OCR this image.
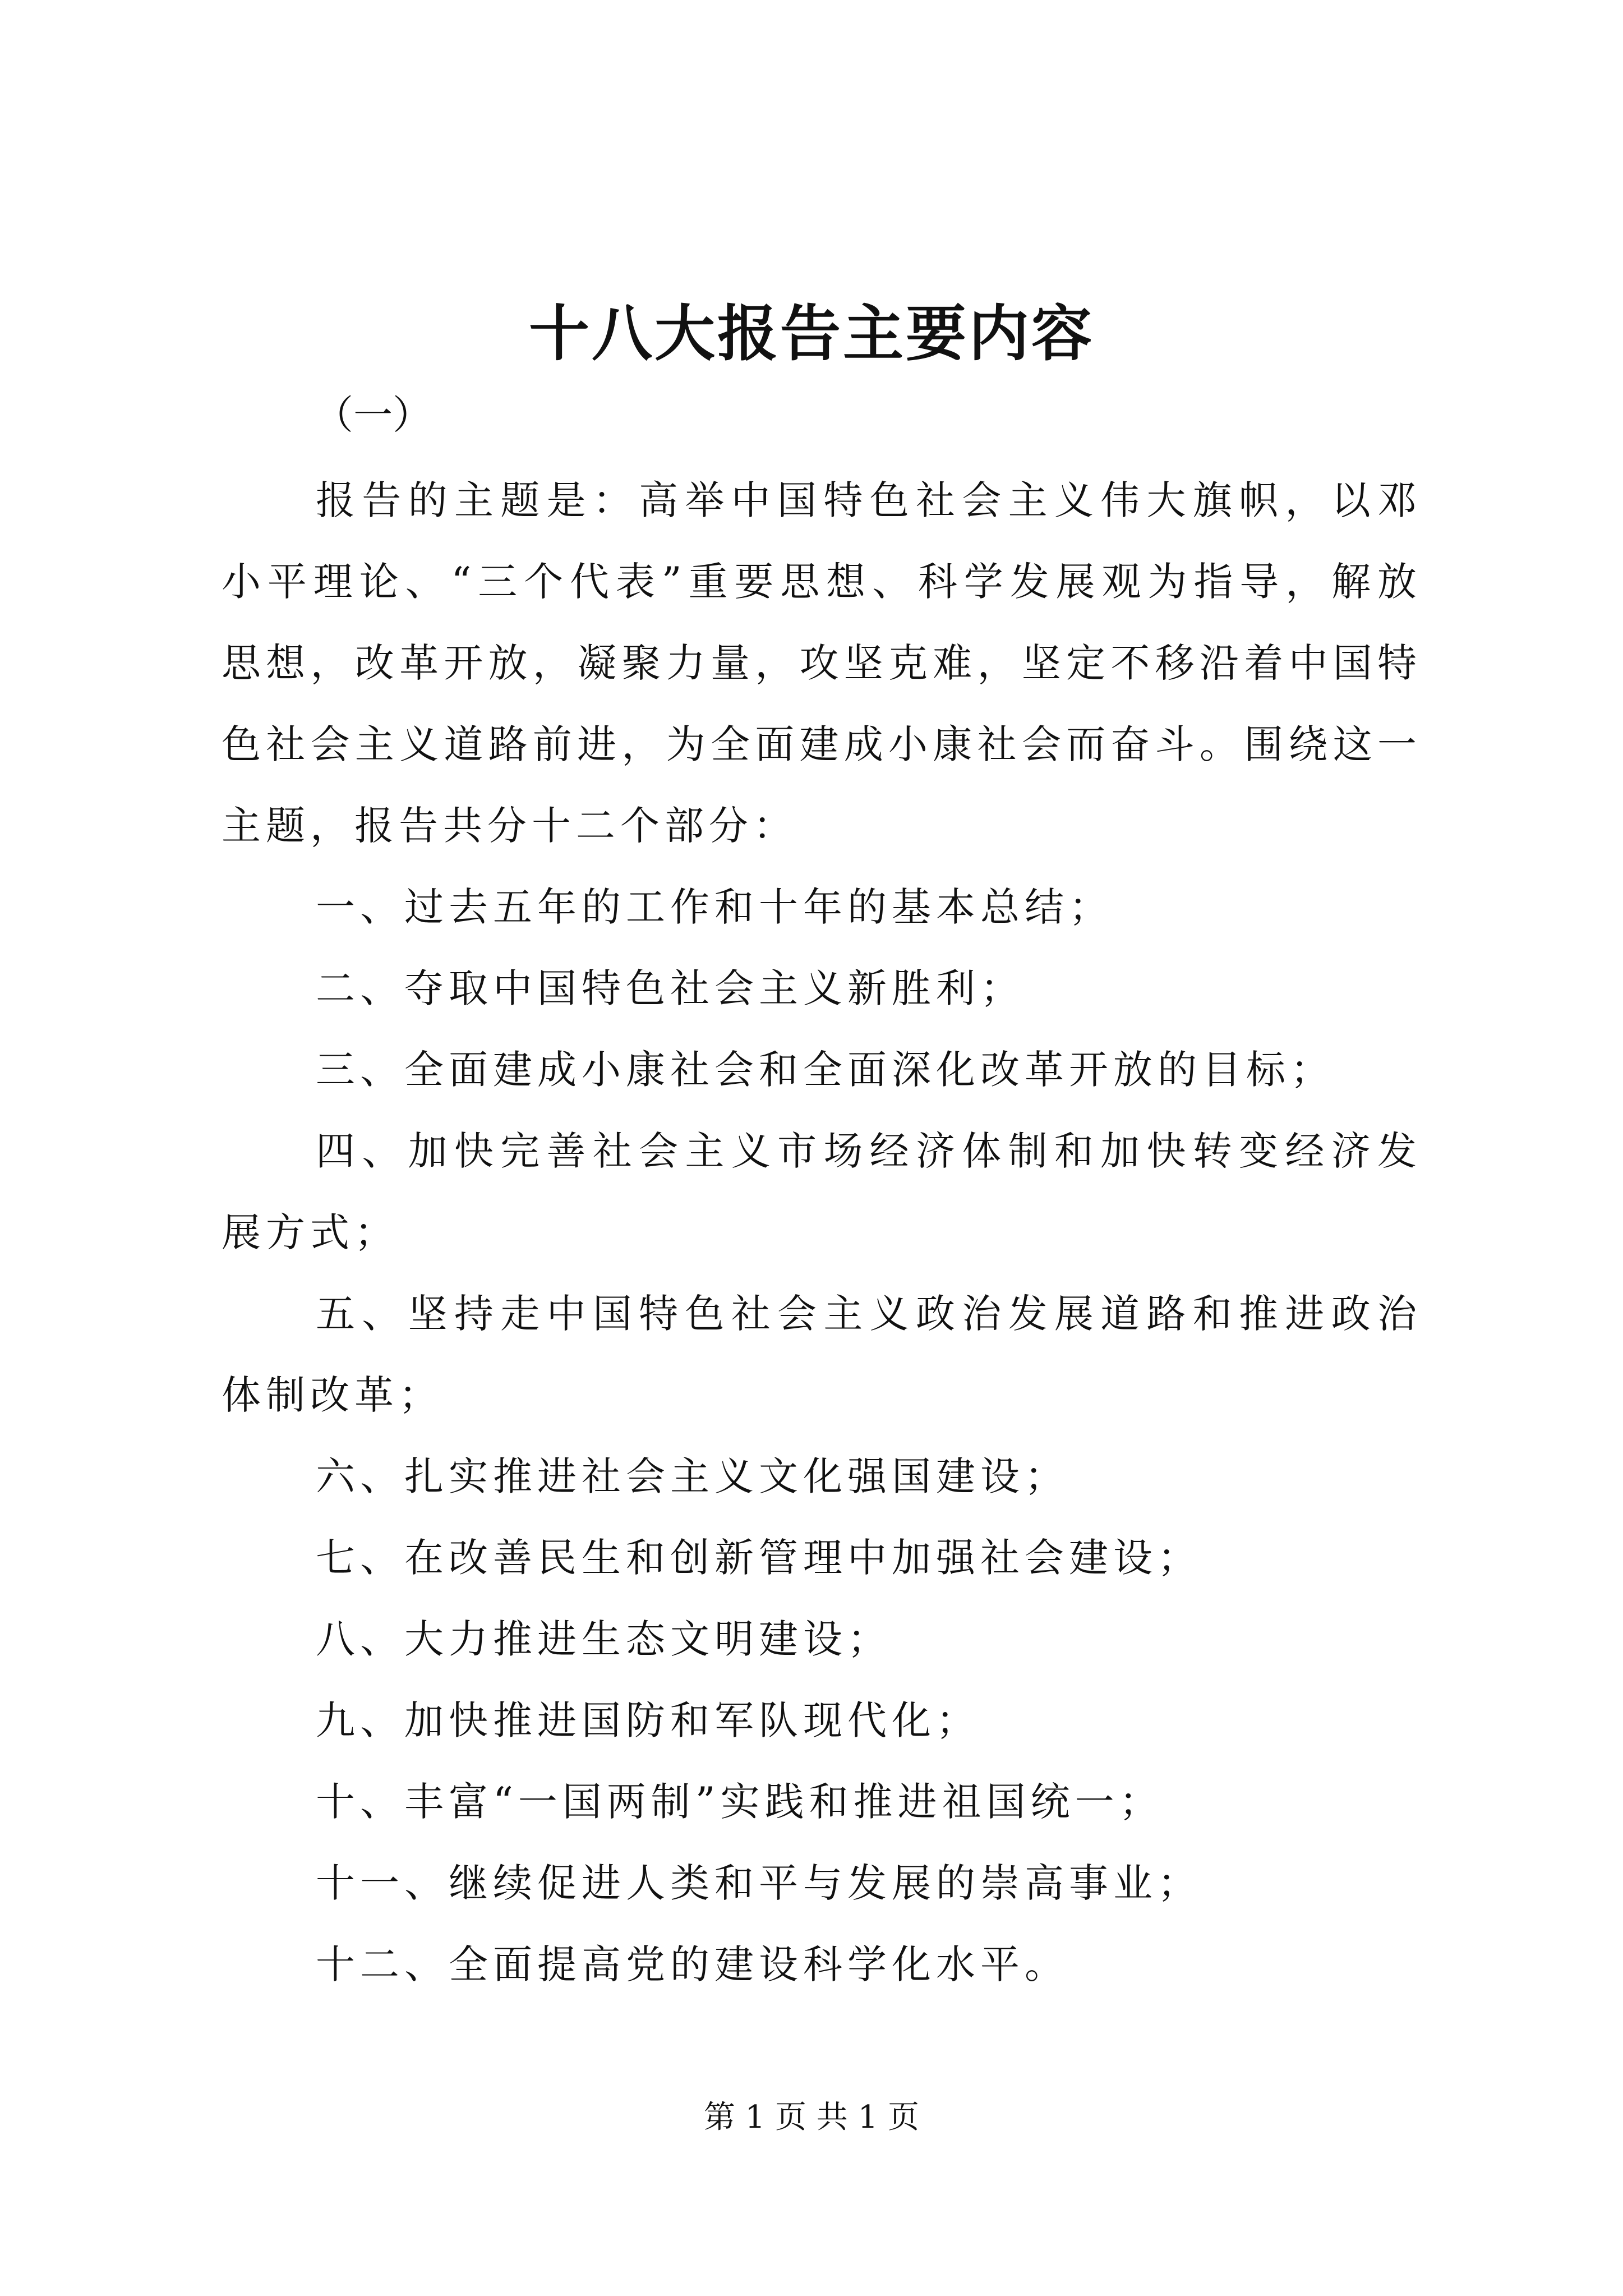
十八大报告主要内容
（一）

报告的主题是：高举中国特色社会主义伟大旗帜，以邓小平理论、“三个代表”重要思想、科学发展观为指导，解放思想，改革开放，凝聚力量，攻坚克难，坚定不移沿着中国特色社会主义道路前进，为全面建成小康社会而奋斗。围绕这一主题，报告共分十二个部分：

一、过去五年的工作和十年的基本总结；

二、夺取中国特色社会主义新胜利；

三、全面建成小康社会和全面深化改革开放的目标；

四、加快完善社会主义市场经济体制和加快转变经济发展方式；

五、坚持走中国特色社会主义政治发展道路和推进政治体制改革；

六、扎实推进社会主义文化强国建设；

七、在改善民生和创新管理中加强社会建设；

八、大力推进生态文明建设；

九、加快推进国防和军队现代化；

十、丰富“一国两制”实践和推进祖国统一；

十一、继续促进人类和平与发展的崇高事业；

十二、全面提高党的建设科学化水平。

第 1 页 共 1 页
